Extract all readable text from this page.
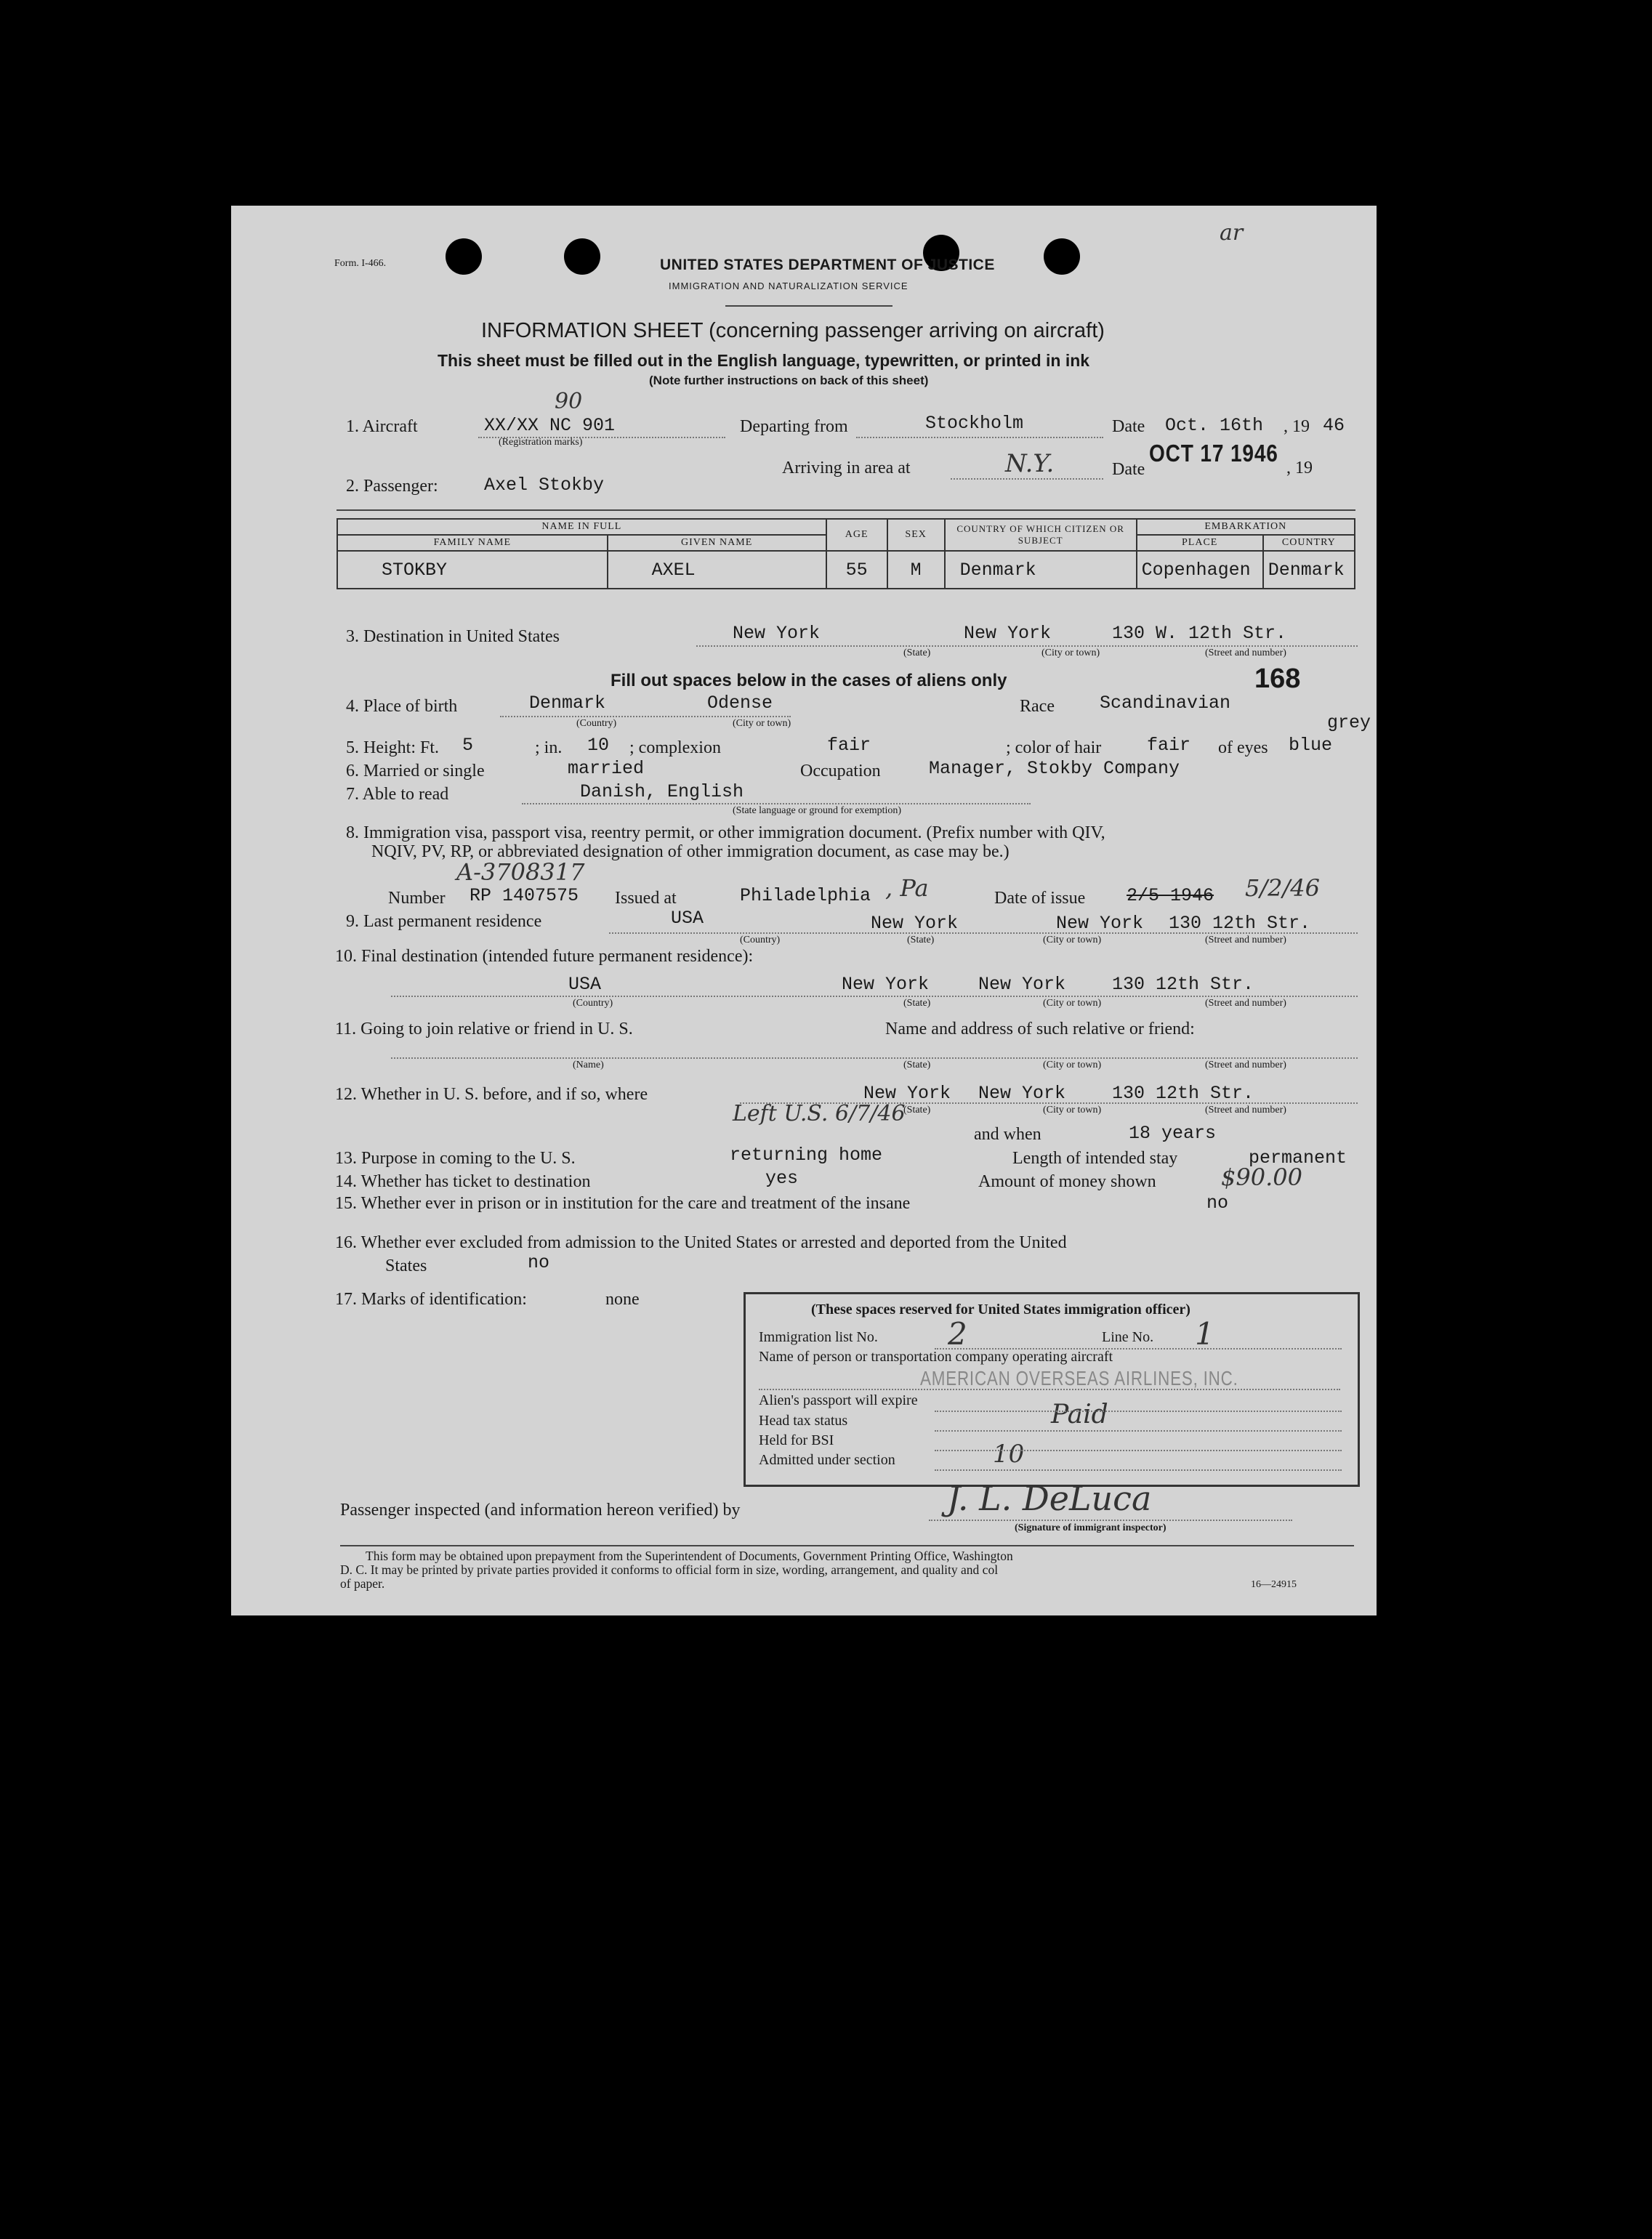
Form. I-466.
ar
UNITED STATES DEPARTMENT OF JUSTICE
IMMIGRATION AND NATURALIZATION SERVICE
INFORMATION SHEET (concerning passenger arriving on aircraft)
This sheet must be filled out in the English language, typewritten, or printed in ink
(Note further instructions on back of this sheet)
1. Aircraft	XX/XX NC 901
90
(Registration marks)
Departing from	Stockholm	Date Oct. 16th , 19 46
Arriving in area at	N.Y.	Date
OCT 17 1946
, 19
2. Passenger:	Axel Stokby
NAME IN FULL		AGE	SEX	COUNTRY OF WHICH CITIZEN OR SUBJECT	EMBARKATION	
FAMILY NAME	GIVEN NAME				PLACE	COUNTRY
STOKBY	AXEL	55	M	Denmark	Copenhagen	Denmark
3. Destination in United States	New York	New York	130 W. 12th Str.
(State)	(City or town)	(Street and number)
Fill out spaces below in the cases of aliens only	168
4. Place of birth	Denmark	Odense
(Country)	(City or town)
Race Scandinavian
grey
5. Height: Ft. 5	; in. 10 ; complexion	fair	; color of hair	fair of eyes blue
6. Married or single	married	Occupation	Manager, Stokby Company
7. Able to read	Danish, English
(State language or ground for exemption)
8. Immigration visa, passport visa, reentry permit, or other immigration document. (Prefix number with QIV,
NQIV, PV, RP, or abbreviated designation of other immigration document, as case may be.)
A-3708317
Number RP 1407575 Issued at	Philadelphia , Pa	Date of issue 2/5 1946 5/2/46
9. Last permanent residence	USA	New York	New York 130 12th Str.
(Country)	(State)	(City or town)	(Street and number)
10. Final destination (intended future permanent residence):
USA	New York	New York	130 12th Str.
(Country)	(State)	(City or town)	(Street and number)
11. Going to join relative or friend in U. S.	Name and address of such relative or friend:
(Name)	(State)	(City or town)	(Street and number)
12. Whether in U. S. before, and if so, where	New York New York	130 12th Str.
(State)	(City or town)	(Street and number)
Left U.S. 6/7/46
and when	18 years
13. Purpose in coming to the U. S.	returning home	Length of intended stay	permanent
14. Whether has ticket to destination	yes	Amount of money shown	$90.00
15. Whether ever in prison or in institution for the care and treatment of the insane	no
16. Whether ever excluded from admission to the United States or arrested and deported from the United
States	no
17. Marks of identification:	none
(These spaces reserved for United States immigration officer)
Immigration list No. 2	Line No. 1
Name of person or transportation company operating aircraft
AMERICAN OVERSEAS AIRLINES, INC.
Alien's passport will expire
Head tax status	Paid
Held for BSI
Admitted under section	10
Passenger inspected (and information hereon verified) by	J. L. DeLuca
(Signature of immigrant inspector)
This form may be obtained upon prepayment from the Superintendent of Documents, Government Printing Office, Washington
D. C. It may be printed by private parties provided it conforms to official form in size, wording, arrangement, and quality and col
of paper.	16—24915
